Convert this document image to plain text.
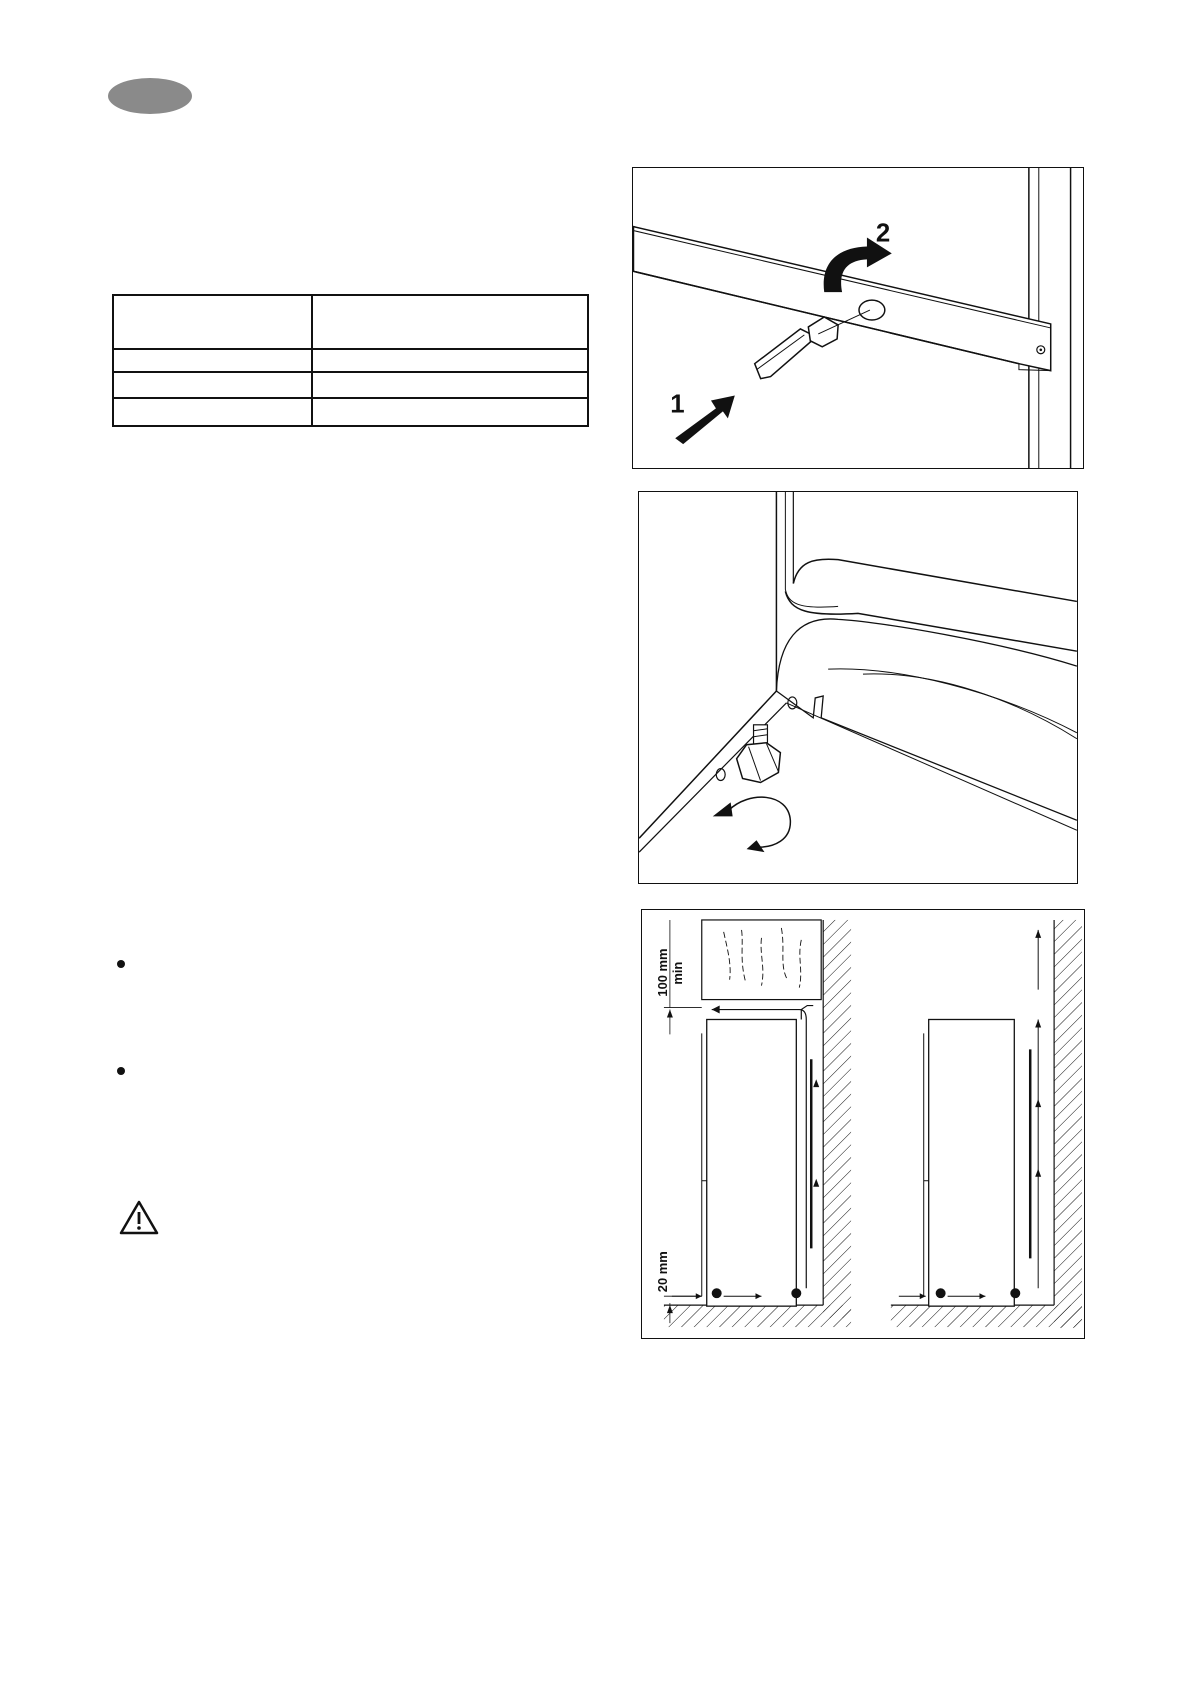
1
2
100 mm min
20 mm
